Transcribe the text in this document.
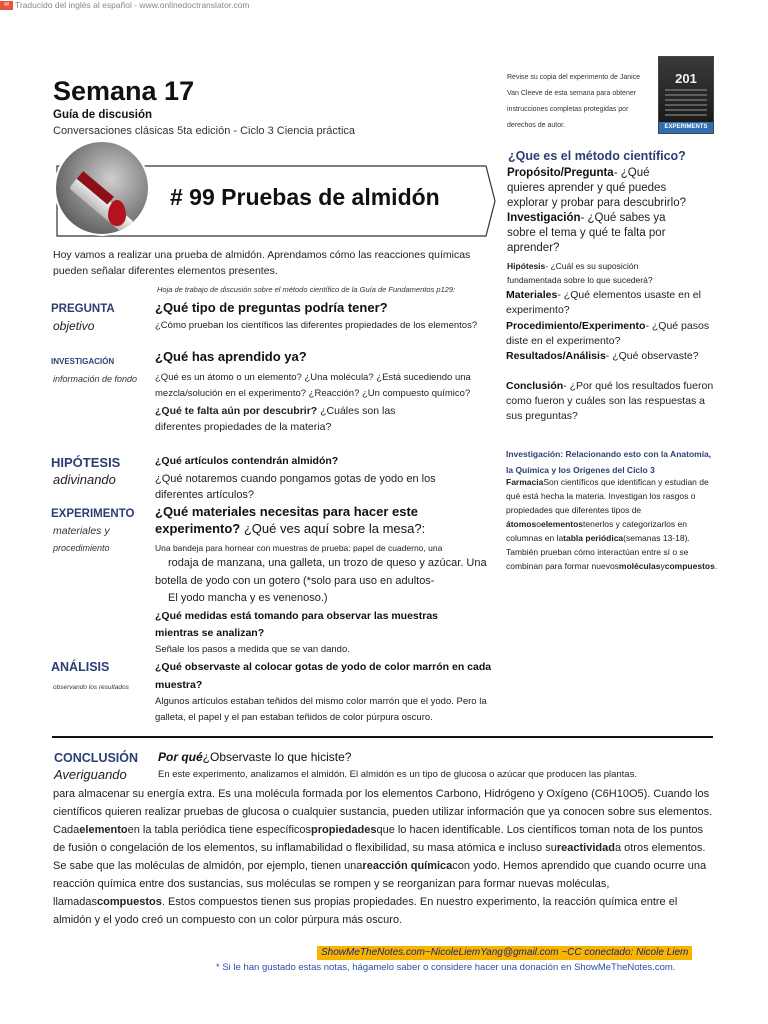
✉ Traducido del inglés al español - www.onlinedoctranslator.com
Semana 17
Guía de discusión
Conversaciones clásicas 5ta edición - Ciclo 3 Ciencia práctica
Revise su copia del experimento de Janice Van Cleeve de esta semana para obtener instrucciones completas protegidas por derechos de autor.
201
EXPERIMENTS
# 99 Pruebas de almidón
Hoy vamos a realizar una prueba de almidón. Aprendamos cómo las reacciones químicas pueden señalar diferentes elementos presentes.
Hoja de trabajo de discusión sobre el método científico de la Guía de Fundamentos p129:
PREGUNTA
objetivo
¿Qué tipo de preguntas podría tener?
¿Cómo prueban los científicos las diferentes propiedades de los elementos?
INVESTIGACIÓN
información de fondo
¿Qué has aprendido ya?
¿Qué es un átomo o un elemento? ¿Una molécula? ¿Está sucediendo una mezcla/solución en el experimento? ¿Reacción? ¿Un compuesto químico?
¿Qué te falta aún por descubrir? ¿Cuáles son las diferentes propiedades de la materia?
HIPÓTESIS
adivinando
¿Qué artículos contendrán almidón?
¿Qué notaremos cuando pongamos gotas de yodo en los diferentes artículos?
EXPERIMENTO
materiales y
procedimiento
¿Qué materiales necesitas para hacer este experimento? ¿Qué ves aquí sobre la mesa?:
Una bandeja para hornear con muestras de prueba: papel de cuaderno, una
rodaja de manzana, una galleta, un trozo de queso y azúcar. Una
botella de yodo con un gotero (*solo para uso en adultos-
El yodo mancha y es venenoso.)
¿Qué medidas está tomando para observar las muestras mientras se analizan?
Señale los pasos a medida que se van dando.
ANÁLISIS
observando los resultados
¿Qué observaste al colocar gotas de yodo de color marrón en cada muestra?
Algunos artículos estaban teñidos del mismo color marrón que el yodo. Pero la galleta, el papel y el pan estaban teñidos de color púrpura oscuro.
¿Que es el método científico?
Propósito/Pregunta- ¿Qué quieres aprender y qué puedes explorar y probar para descubrirlo?
Investigación- ¿Qué sabes ya sobre el tema y qué te falta por aprender?
Hipótesis- ¿Cuál es su suposición fundamentada sobre lo que sucederá?
Materiales- ¿Qué elementos usaste en el experimento?
Procedimiento/Experimento- ¿Qué pasos diste en el experimento?
Resultados/Análisis- ¿Qué observaste?
Conclusión- ¿Por qué los resultados fueron como fueron y cuáles son las respuestas a sus preguntas?
Investigación: Relacionando esto con la Anatomía, la Química y los Orígenes del Ciclo 3
FarmaciaSon científicos que identifican y estudian de qué está hecha la materia. Investigan los rasgos o propiedades que diferentes tipos de átomosoelementostenerlos y categorizarlos en columnas en latabla periódica(semanas 13-18). También prueban cómo interactúan entre sí o se combinan para formar nuevosmoléculasycompuestos.
CONCLUSIÓN
Averiguando
Por qué¿Observaste lo que hiciste?
En este experimento, analizamos el almidón. El almidón es un tipo de glucosa o azúcar que producen las plantas.
para almacenar su energía extra. Es una molécula formada por los elementos Carbono, Hidrógeno y Oxígeno (C6H10O5). Cuando los científicos quieren realizar pruebas de glucosa o cualquier sustancia, pueden utilizar información que ya conocen sobre sus elementos. Cadaelementoen la tabla periódica tiene específicospropiedadesque lo hacen identificable. Los científicos toman nota de los puntos de fusión o congelación de los elementos, su inflamabilidad o flexibilidad, su masa atómica e incluso sureactividada otros elementos. Se sabe que las moléculas de almidón, por ejemplo, tienen unareacción químicacon yodo. Hemos aprendido que cuando ocurre una reacción química entre dos sustancias, sus moléculas se rompen y se reorganizan para formar nuevas moléculas, llamadascompuestos. Estos compuestos tienen sus propias propiedades. En nuestro experimento, la reacción química entre el almidón y el yodo creó un compuesto con un color púrpura más oscuro.
ShowMeTheNotes.com~NicoleLiemYang@gmail.com ~CC conectado: Nicole Liem
* Si le han gustado estas notas, hágamelo saber o considere hacer una donación en ShowMeTheNotes.com.
